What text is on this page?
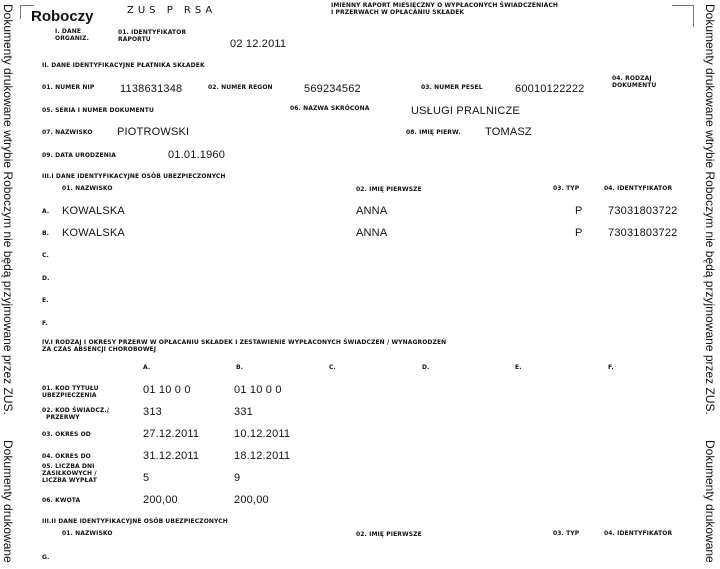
Dokumenty drukowane wtrybie Roboczym nie będą przyjmowane przez ZUS.
Dokumenty drukowane
Dokumenty drukowane wtrybie Roboczym nie będą przyjmowane przez ZUS.
Dokumenty drukowane
Roboczy	ZUS P RSA	IMIENNY RAPORT MIESIĘCZNY O WYPŁACONYCH ŚWIADCZENIACH
I PRZERWACH W OPŁACANIU SKŁADEK
I. DANE
ORGANIZ.
01. IDENTYFIKATOR
RAPORTU	02 12.2011
II. DANE IDENTYFIKACYJNE PŁATNIKA SKŁADEK
01. NUMER NIP 1138631348	02. NUMER REGON	569234562	03. NUMER PESEL	60010122222
04. RODZAJ
DOKUMENTU
05. SERIA I NUMER DOKUMENTU	06. NAZWA SKRÓCONA	USŁUGI PRALNICZE
07. NAZWISKO PIOTROWSKI	08. IMIĘ PIERW. TOMASZ
09. DATA URODZENIA	01.01.1960
III.I DANE IDENTYFIKACYJNE OSÓB UBEZPIECZONYCH
01. NAZWISKO	02. IMIĘ PIERWSZE	03. TYP	04. IDENTYFIKATOR
A. KOWALSKA	ANNA	P 73031803722
B. KOWALSKA	ANNA	P 73031803722
C.
D.
E.
F.
IV.I RODZAJ I OKRESY PRZERW W OPŁACANIU SKŁADEK I ZESTAWIENIE WYPŁACONYCH ŚWIADCZEŃ / WYNAGRODZEŃ
ZA CZAS ABSENCJI CHOROBOWEJ
A.	B.	C.	D.	E.	F.
01. KOD TYTUŁU
UBEZPIECZENIA	01 10 0 0	01 10 0 0
02. KOD ŚWIADCZ./
PRZERWY	313	331
03. OKRES OD	27.12.2011	10.12.2011
04. OKRES DO	31.12.2011	18.12.2011
05. LICZBA DNI
ZASIŁKOWYCH / LICZBA WYPŁAT	5	9
06. KWOTA	200,00	200,00
III.II DANE IDENTYFIKACYJNE OSÓB UBEZPIECZONYCH
01. NAZWISKO	02. IMIĘ PIERWSZE	03. TYP	04. IDENTYFIKATOR
G.
